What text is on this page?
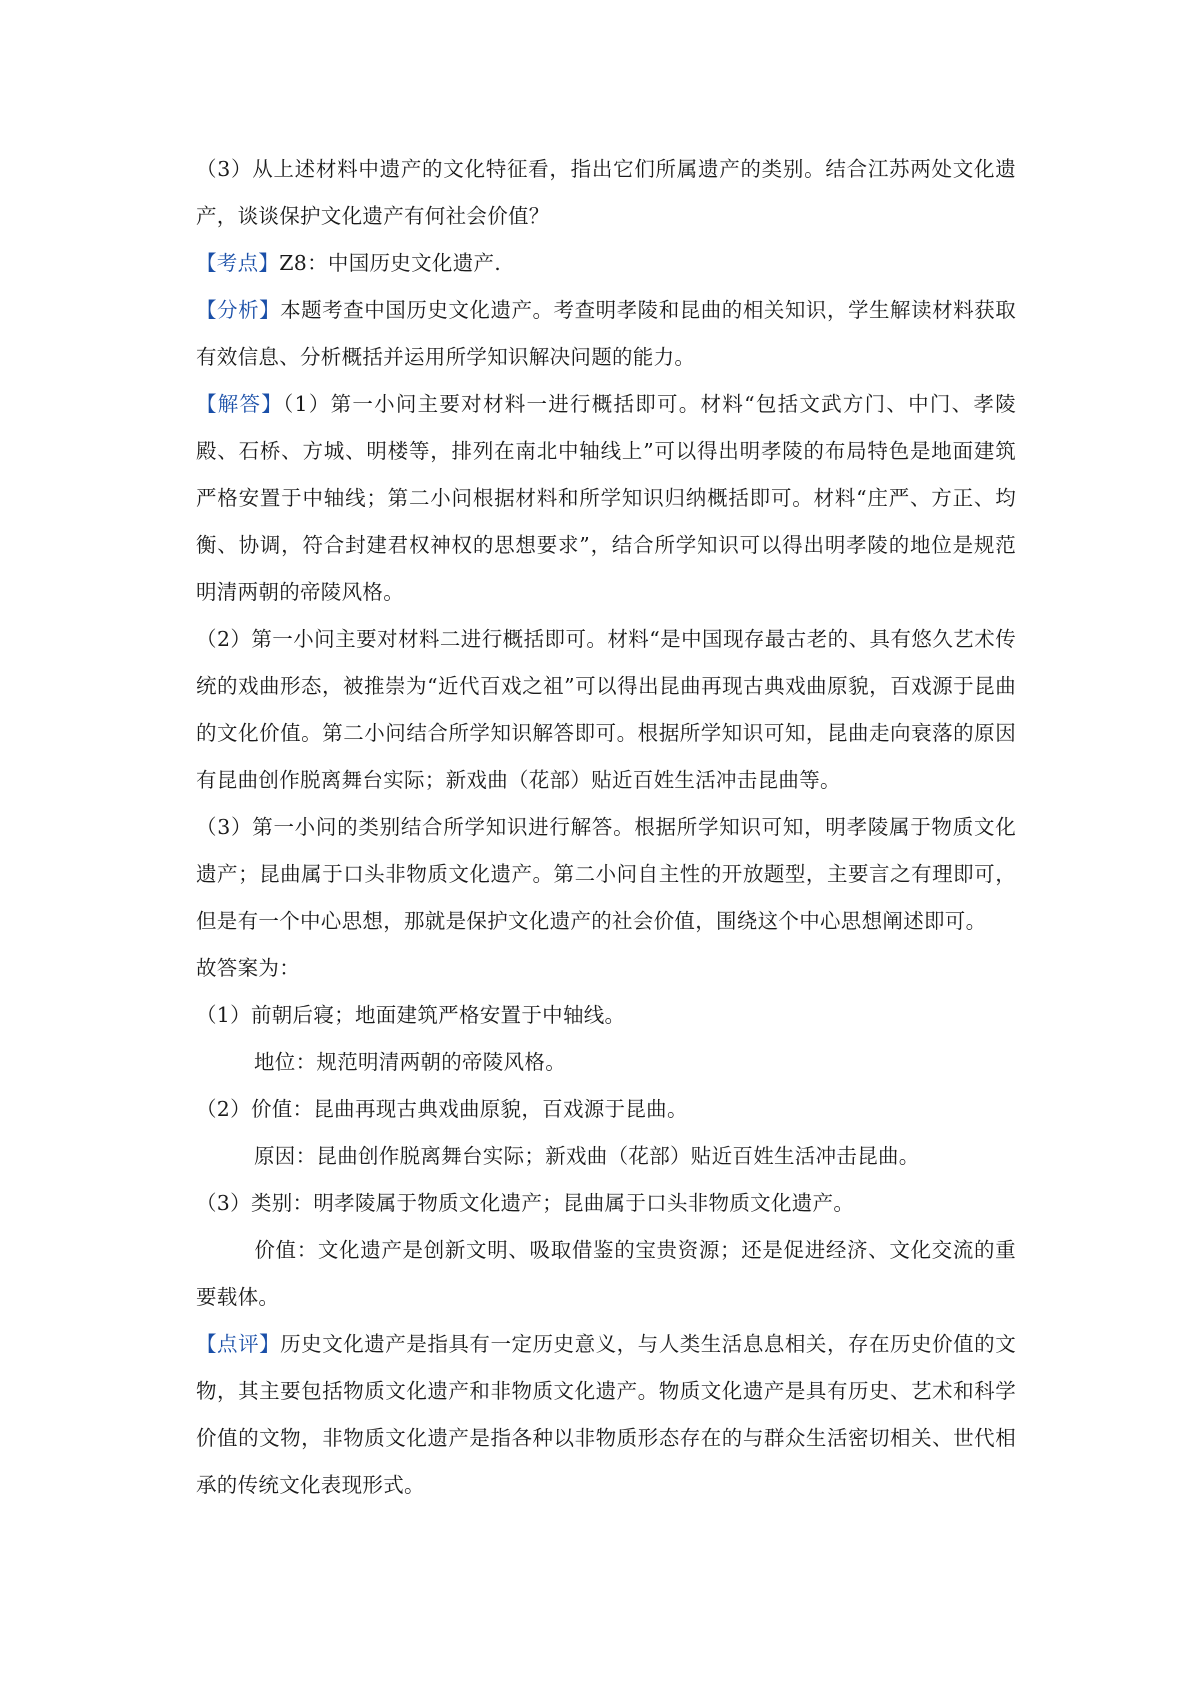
（3）从上述材料中遗产的文化特征看，指出它们所属遗产的类别。结合江苏两处文化遗产，谈谈保护文化遗产有何社会价值？

【考点】Z8：中国历史文化遗产.

【分析】本题考查中国历史文化遗产。考查明孝陵和昆曲的相关知识，学生解读材料获取有效信息、分析概括并运用所学知识解决问题的能力。

【解答】（1）第一小问主要对材料一进行概括即可。材料“包括文武方门、中门、孝陵殿、石桥、方城、明楼等，排列在南北中轴线上”可以得出明孝陵的布局特色是地面建筑严格安置于中轴线；第二小问根据材料和所学知识归纳概括即可。材料“庄严、方正、均衡、协调，符合封建君权神权的思想要求”，结合所学知识可以得出明孝陵的地位是规范明清两朝的帝陵风格。

（2）第一小问主要对材料二进行概括即可。材料“是中国现存最古老的、具有悠久艺术传统的戏曲形态，被推崇为“近代百戏之祖”可以得出昆曲再现古典戏曲原貌，百戏源于昆曲的文化价值。第二小问结合所学知识解答即可。根据所学知识可知，昆曲走向衰落的原因有昆曲创作脱离舞台实际；新戏曲（花部）贴近百姓生活冲击昆曲等。

（3）第一小问的类别结合所学知识进行解答。根据所学知识可知，明孝陵属于物质文化遗产；昆曲属于口头非物质文化遗产。第二小问自主性的开放题型，主要言之有理即可，但是有一个中心思想，那就是保护文化遗产的社会价值，围绕这个中心思想阐述即可。

故答案为：

（1）前朝后寝；地面建筑严格安置于中轴线。

地位：规范明清两朝的帝陵风格。

（2）价值：昆曲再现古典戏曲原貌，百戏源于昆曲。

原因：昆曲创作脱离舞台实际；新戏曲（花部）贴近百姓生活冲击昆曲。

（3）类别：明孝陵属于物质文化遗产；昆曲属于口头非物质文化遗产。

价值：文化遗产是创新文明、吸取借鉴的宝贵资源；还是促进经济、文化交流的重要载体。

【点评】历史文化遗产是指具有一定历史意义，与人类生活息息相关，存在历史价值的文物，其主要包括物质文化遗产和非物质文化遗产。物质文化遗产是具有历史、艺术和科学价值的文物，非物质文化遗产是指各种以非物质形态存在的与群众生活密切相关、世代相承的传统文化表现形式。
